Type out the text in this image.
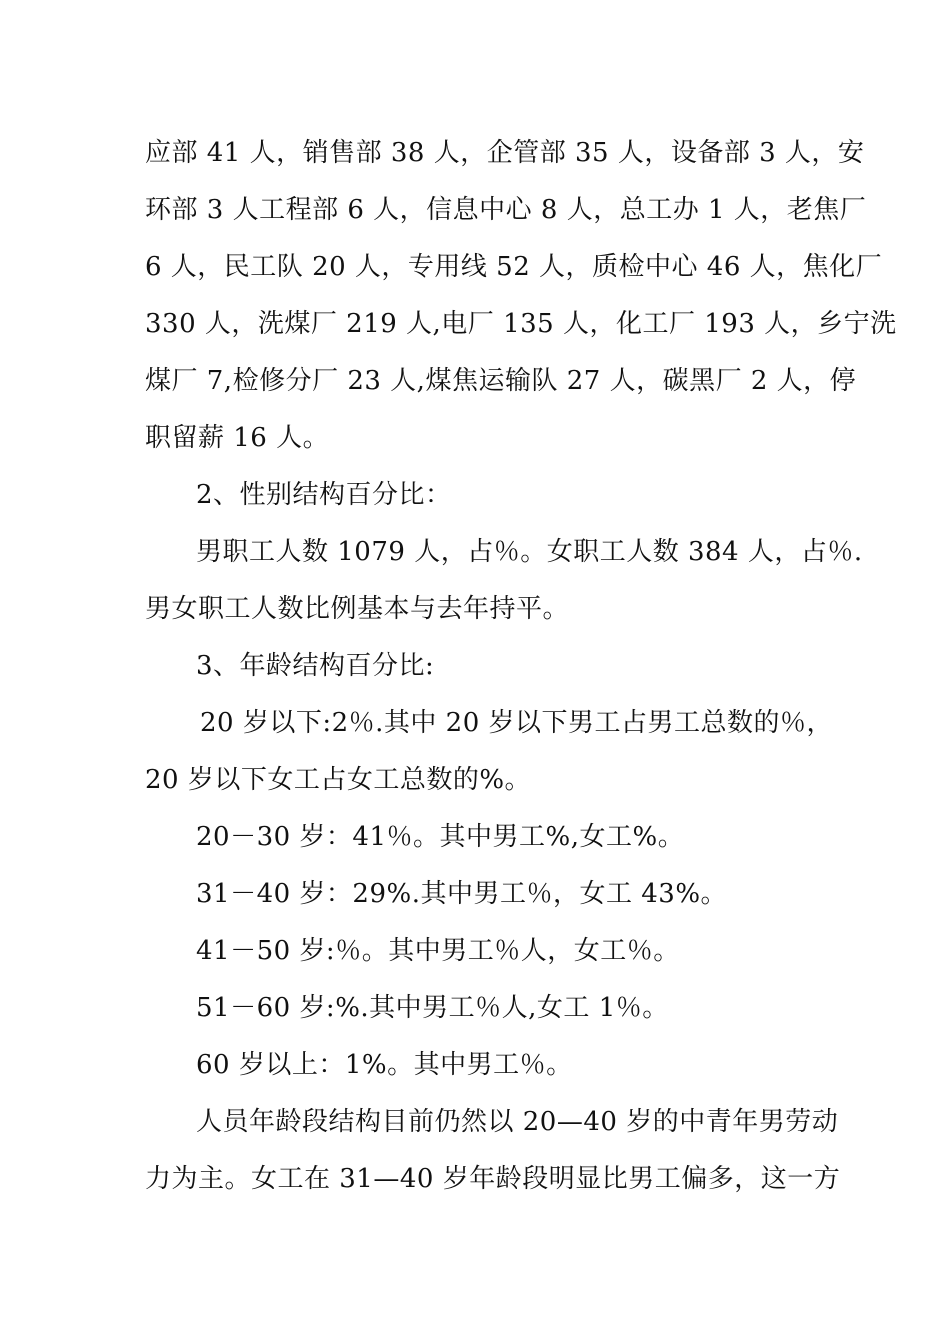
应部 41 人，销售部 38 人，企管部 35 人，设备部 3 人，安
环部 3 人工程部 6 人，信息中心 8 人，总工办 1 人，老焦厂
6 人，民工队 20 人，专用线 52 人，质检中心 46 人，焦化厂
330 人，洗煤厂 219 人,电厂 135 人，化工厂 193 人，乡宁洗
煤厂 7,检修分厂 23 人,煤焦运输队 27 人，碳黑厂 2 人，停
职留薪 16 人。
2、性别结构百分比：
男职工人数 1079 人，占％。女职工人数 384 人，占％.
男女职工人数比例基本与去年持平。
3、年龄结构百分比:
20 岁以下:2％.其中 20 岁以下男工占男工总数的％，
20 岁以下女工占女工总数的%。
20－30 岁：41％。其中男工%,女工%。
31－40 岁：29%.其中男工％，女工 43%。
41－50 岁:％。其中男工％人，女工％。
51－60 岁:%.其中男工％人,女工 1％。
60 岁以上：1%。其中男工％。
人员年龄段结构目前仍然以 20—40 岁的中青年男劳动
力为主。女工在 31—40 岁年龄段明显比男工偏多，这一方
